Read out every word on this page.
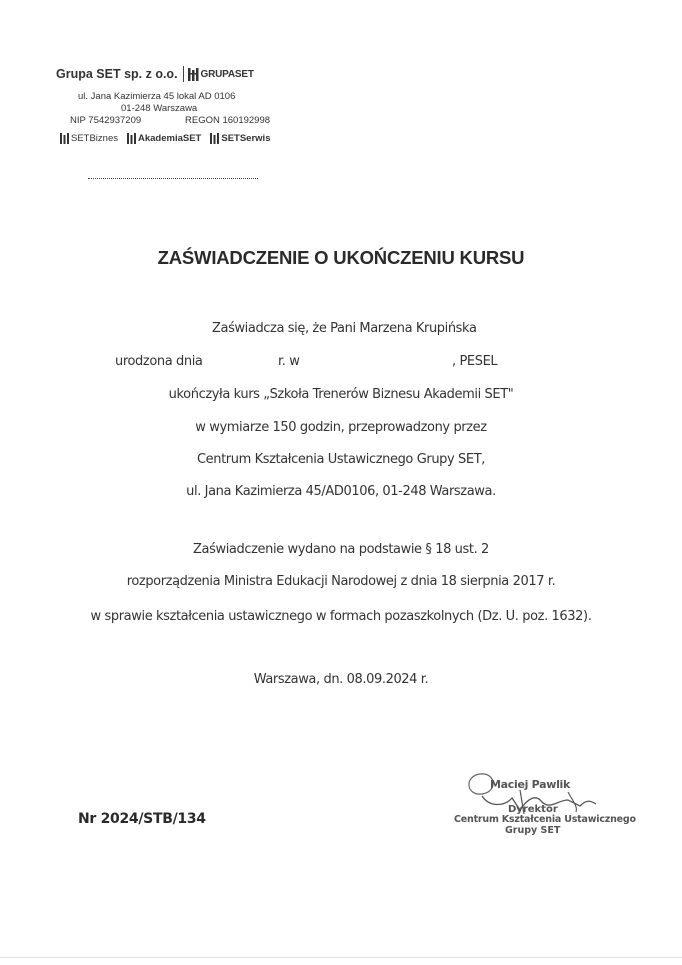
Grupa SET sp. z o.o. GRUPASET
ul. Jana Kazimierza 45 lokal AD 0106
01-248 Warszawa
NIP 7542937209	REGON 160192998
SETBiznes AkademiaSET SETSerwis
ZAŚWIADCZENIE O UKOŃCZENIU KURSU
Zaświadcza się, że Pani Marzena Krupińska
urodzona dnia	r. w	, PESEL
ukończyła kurs „Szkoła Trenerów Biznesu Akademii SET"
w wymiarze 150 godzin, przeprowadzony przez
Centrum Kształcenia Ustawicznego Grupy SET,
ul. Jana Kazimierza 45/AD0106, 01-248 Warszawa.
Zaświadczenie wydano na podstawie § 18 ust. 2
rozporządzenia Ministra Edukacji Narodowej z dnia 18 sierpnia 2017 r.
w sprawie kształcenia ustawicznego w formach pozaszkolnych (Dz. U. poz. 1632).
Warszawa, dn. 08.09.2024 r.
Maciej Pawlik
Dyrektor
Centrum Kształcenia Ustawicznego
Grupy SET
Nr 2024/STB/134
